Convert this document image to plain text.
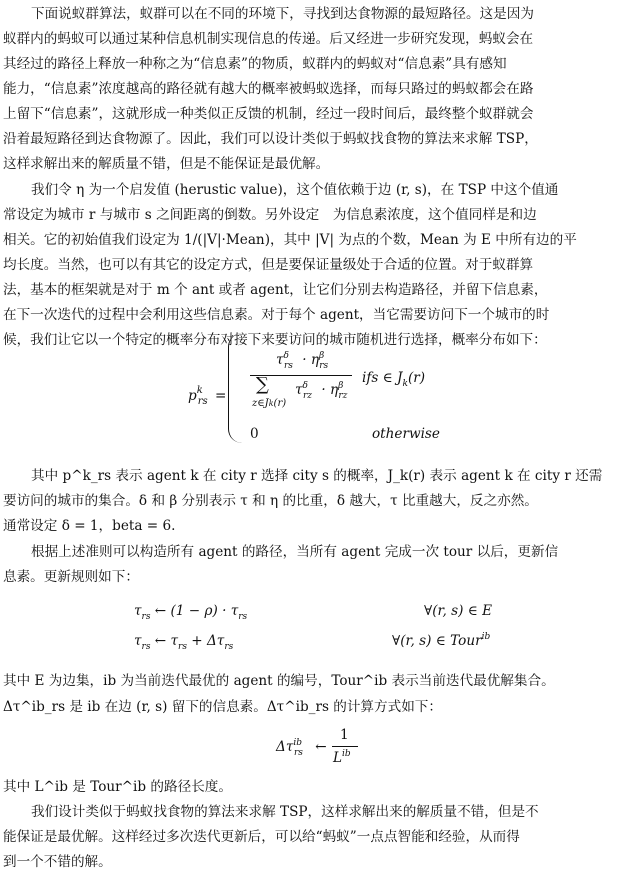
下面说蚁群算法，蚁群可以在不同的环境下，寻找到达食物源的最短路径。这是因为
蚁群内的蚂蚁可以通过某种信息机制实现信息的传递。后又经进一步研究发现，蚂蚁会在
其经过的路径上释放一种称之为“信息素”的物质，蚁群内的蚂蚁对“信息素”具有感知
能力，“信息素”浓度越高的路径就有越大的概率被蚂蚁选择，而每只路过的蚂蚁都会在路
上留下“信息素”，这就形成一种类似正反馈的机制，经过一段时间后，最终整个蚁群就会
沿着最短路径到达食物源了。因此，我们可以设计类似于蚂蚁找食物的算法来求解 TSP，
这样求解出来的解质量不错，但是不能保证是最优解。
我们令 η 为一个启发值 (herustic value)，这个值依赖于边 (r, s)，在 TSP 中这个值通
常设定为城市 r 与城市 s 之间距离的倒数。另外设定　为信息素浓度，这个值同样是和边
相关。它的初始值我们设定为 1/(|V|·Mean)，其中 |V| 为点的个数，Mean 为 E 中所有边的平
均长度。当然，也可以有其它的设定方式，但是要保证量级处于合适的位置。对于蚁群算
法，基本的框架就是对于 m 个 ant 或者 agent，让它们分别去构造路径，并留下信息素，
在下一次迭代的过程中会利用这些信息素。对于每个 agent，当它需要访问下一个城市的时
候，我们让它以一个特定的概率分布对接下来要访问的城市随机进行选择，概率分布如下：
$p^k_{rs}$ =
$\tau^\delta_{rs} \cdot \eta^\beta_{rs}$
∑
z∈Jk(r)
$\tau^\delta_{rz} \cdot \eta^\beta_{rz}$
ifs ∈ $J_k(r)$
0	otherwise
其中 p^k_rs 表示 agent k 在 city r 选择 city s 的概率，J_k(r) 表示 agent k 在 city r 还需
要访问的城市的集合。δ 和 β 分别表示 τ 和 η 的比重，δ 越大，τ 比重越大，反之亦然。
通常设定 δ = 1，beta = 6.
根据上述准则可以构造所有 agent 的路径，当所有 agent 完成一次 tour 以后，更新信
息素。更新规则如下：
$\tau_{rs}$ ← $(1 - \rho) \cdot \tau_{rs}$	∀(r, s) ∈ E
$\tau_{rs}$ ← $\tau_{rs} + \Delta\tau_{rs}$	∀(r, s) ∈ Tour$^{ib}$
其中 E 为边集，ib 为当前迭代最优的 agent 的编号，Tour^ib 表示当前迭代最优解集合。
Δτ^ib_rs 是 ib 在边 (r, s) 留下的信息素。Δτ^ib_rs 的计算方式如下：
$\Delta\tau^{ib}_{rs}$ ←
1
$L^{ib}$
其中 L^ib 是 Tour^ib 的路径长度。
我们设计类似于蚂蚁找食物的算法来求解 TSP，这样求解出来的解质量不错，但是不
能保证是最优解。这样经过多次迭代更新后，可以给“蚂蚁”一点点智能和经验，从而得
到一个不错的解。
